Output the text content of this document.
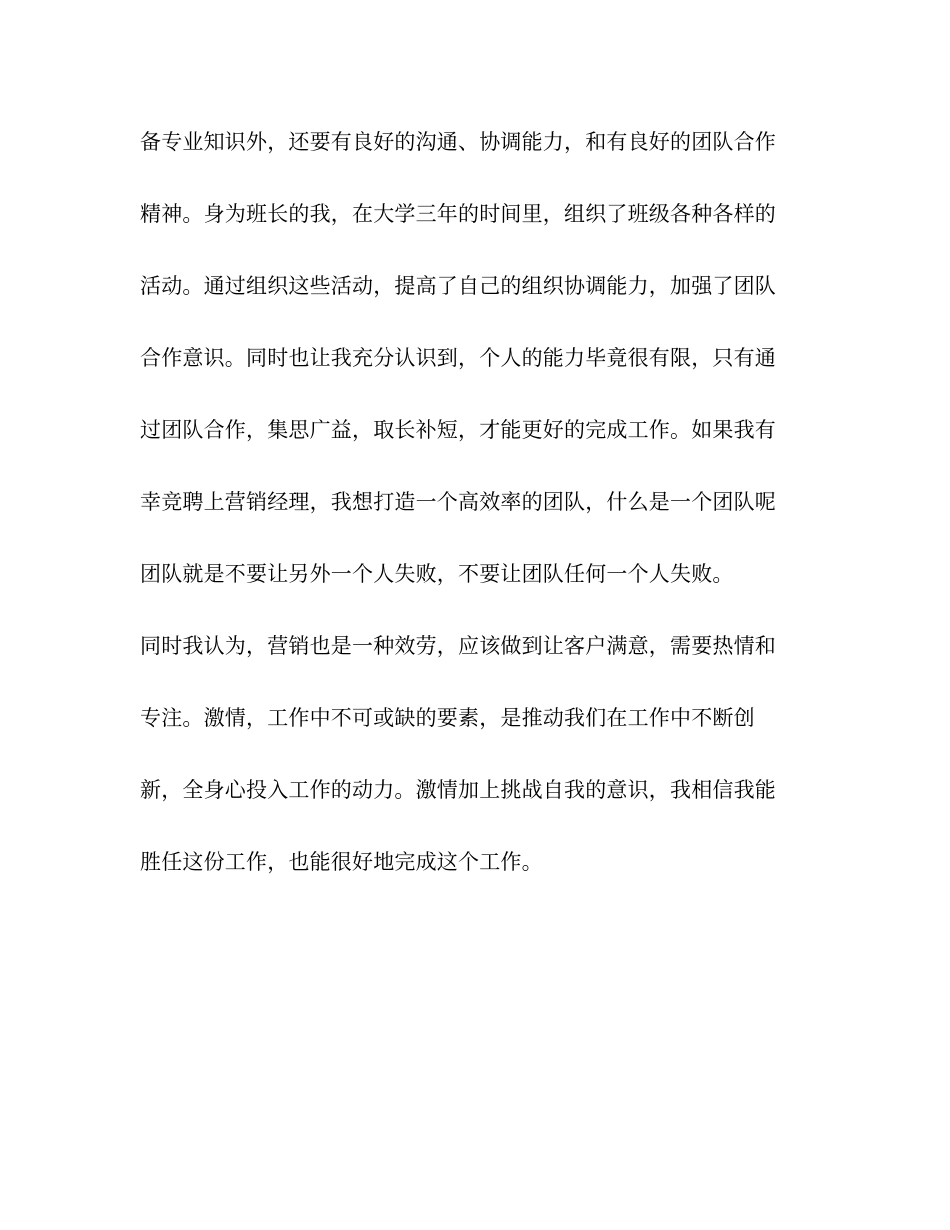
备专业知识外，还要有良好的沟通、协调能力，和有良好的团队合作
精神。身为班长的我，在大学三年的时间里，组织了班级各种各样的
活动。通过组织这些活动，提高了自己的组织协调能力，加强了团队
合作意识。同时也让我充分认识到，个人的能力毕竟很有限，只有通
过团队合作，集思广益，取长补短，才能更好的完成工作。如果我有
幸竞聘上营销经理，我想打造一个高效率的团队，什么是一个团队呢
团队就是不要让另外一个人失败，不要让团队任何一个人失败。
同时我认为，营销也是一种效劳，应该做到让客户满意，需要热情和
专注。激情，工作中不可或缺的要素，是推动我们在工作中不断创
新，全身心投入工作的动力。激情加上挑战自我的意识，我相信我能
胜任这份工作，也能很好地完成这个工作。
